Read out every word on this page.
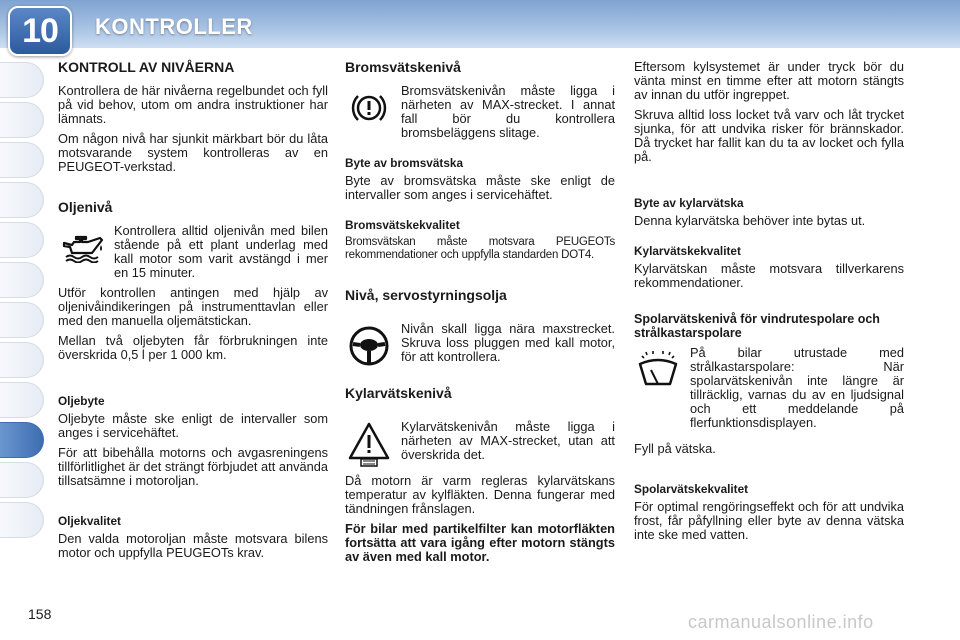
10	KONTROLLER
KONTROLL AV NIVÅERNA

Kontrollera de här nivåerna regelbundet och fyll på vid behov, utom om andra instruktioner har lämnats.

Om någon nivå har sjunkit märkbart bör du låta motsvarande system kontrolleras av en PEUGEOT-verkstad.

Oljenivå

Kontrollera alltid oljenivån med bilen stående på ett plant underlag med kall motor som varit avstängd i mer en 15 minuter.

Utför kontrollen antingen med hjälp av oljenivåindikeringen på instrumenttavlan eller med den manuella oljemätstickan.

Mellan två oljebyten får förbrukningen inte överskrida 0,5 l per 1 000 km.

Oljebyte

Oljebyte måste ske enligt de intervaller som anges i servicehäftet.

För att bibehålla motorns och avgasreningens tillförlitlighet är det strängt förbjudet att använda tillsatsämne i motoroljan.

Oljekvalitet

Den valda motoroljan måste motsvara bilens motor och uppfylla PEUGEOTs krav.

Bromsvätskenivå

Bromsvätskenivån måste ligga i närheten av MAX-strecket. I annat fall bör du kontrollera bromsbeläggens slitage.

Byte av bromsvätska

Byte av bromsvätska måste ske enligt de intervaller som anges i servicehäftet.

Bromsvätskekvalitet

Bromsvätskan måste motsvara PEUGEOTs rekommendationer och uppfylla standarden DOT4.

Nivå, servostyrningsolja

Nivån skall ligga nära maxstrecket. Skruva loss pluggen med kall motor, för att kontrollera.

Kylarvätskenivå

Kylarvätskenivån måste ligga i närheten av MAX-strecket, utan att överskrida det.

Då motorn är varm regleras kylarvätskans temperatur av kylfläkten. Denna fungerar med tändningen frånslagen.

För bilar med partikelfilter kan motorfläkten fortsätta att vara igång efter motorn stängts av även med kall motor.

Eftersom kylsystemet är under tryck bör du vänta minst en timme efter att motorn stängts av innan du utför ingreppet.

Skruva alltid loss locket två varv och låt trycket sjunka, för att undvika risker för brännskador. Då trycket har fallit kan du ta av locket och fylla på.

Byte av kylarvätska

Denna kylarvätska behöver inte bytas ut.

Kylarvätskekvalitet

Kylarvätskan måste motsvara tillverkarens rekommendationer.

Spolarvätskenivå för vindrutespolare och strålkastarspolare

På bilar utrustade med strålkastarspolare: När spolarvätskenivån inte längre är tillräcklig, varnas du av en ljudsignal och ett meddelande på flerfunktionsdisplayen.

Fyll på vätska.

Spolarvätskekvalitet

För optimal rengöringseffekt och för att undvika frost, får påfyllning eller byte av denna vätska inte ske med vatten.

158	carmanualsonline.info
